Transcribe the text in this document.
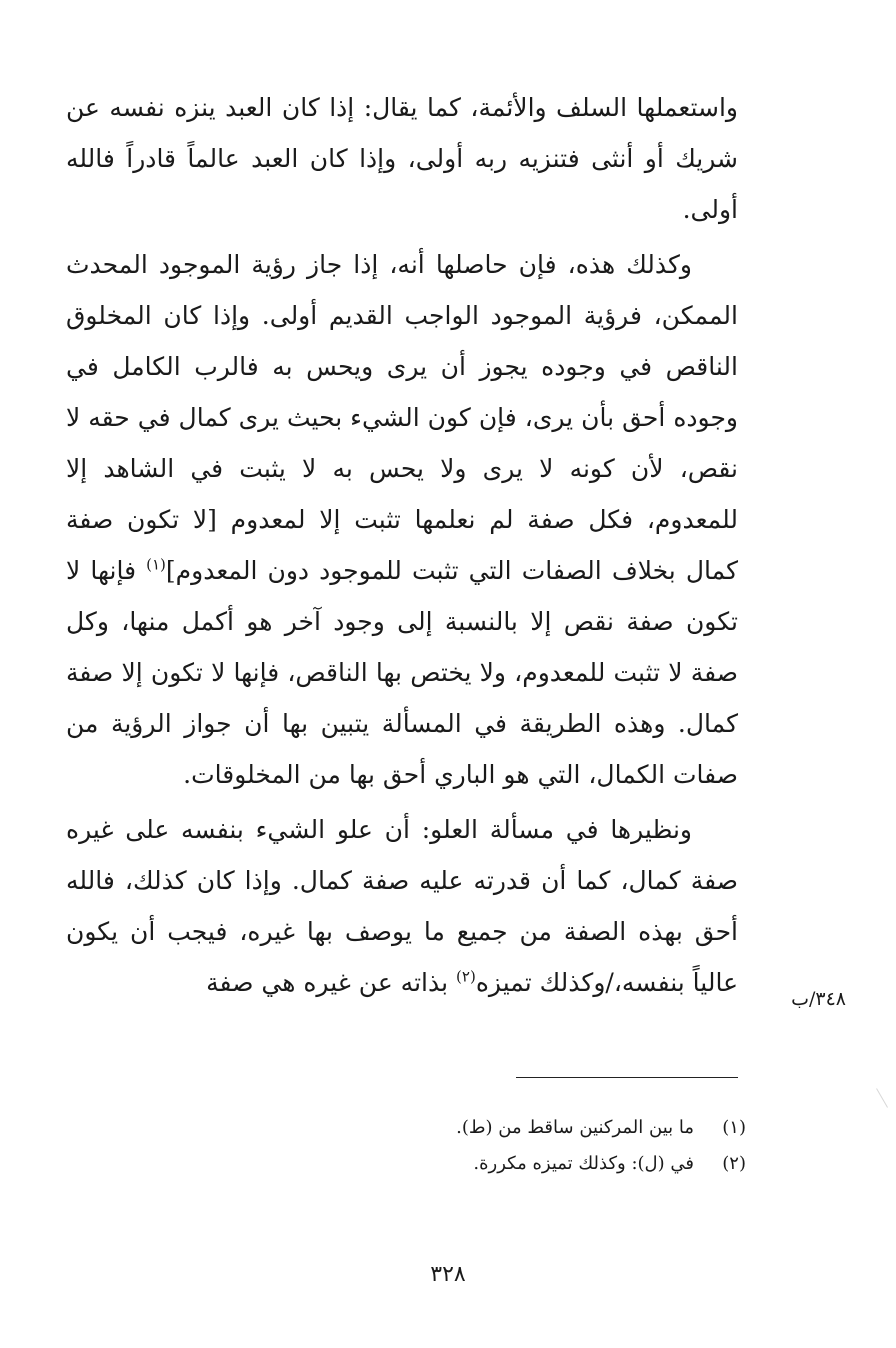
واستعملها السلف والأئمة، كما يقال: إذا كان العبد ينزه نفسه عن شريك أو أنثى فتنزيه ربه أولى، وإذا كان العبد عالماً قادراً فالله أولى.

وكذلك هذه، فإن حاصلها أنه، إذا جاز رؤية الموجود المحدث الممكن، فرؤية الموجود الواجب القديم أولى. وإذا كان المخلوق الناقص في وجوده يجوز أن يرى ويحس به فالرب الكامل في وجوده أحق بأن يرى، فإن كون الشيء بحيث يرى كمال في حقه لا نقص، لأن كونه لا يرى ولا يحس به لا يثبت في الشاهد إلا للمعدوم، فكل صفة لم نعلمها تثبت إلا لمعدوم [لا تكون صفة كمال بخلاف الصفات التي تثبت للموجود دون المعدوم]$^{(١)}$ فإنها لا تكون صفة نقص إلا بالنسبة إلى وجود آخر هو أكمل منها، وكل صفة لا تثبت للمعدوم، ولا يختص بها الناقص، فإنها لا تكون إلا صفة كمال. وهذه الطريقة في المسألة يتبين بها أن جواز الرؤية من صفات الكمال، التي هو الباري أحق بها من المخلوقات.

ونظيرها في مسألة العلو: أن علو الشيء بنفسه على غيره صفة كمال، كما أن قدرته عليه صفة كمال. وإذا كان كذلك، فالله أحق بهذه الصفة من جميع ما يوصف بها غيره، فيجب أن يكون عالياً بنفسه،/وكذلك تميزه$^{(٢)}$ بذاته عن غيره هي صفة

٣٤٨/ب
(١)
ما بين المركنين ساقط من (ط).
(٢)
في (ل): وكذلك تميزه مكررة.
٣٢٨
